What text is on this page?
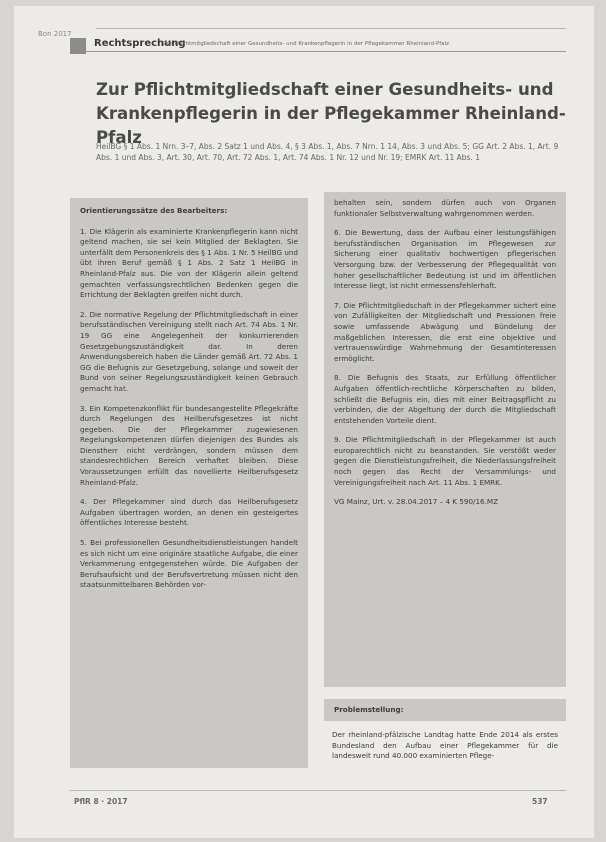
Bon 2017
Rechtsprechung
Zur Pflichtmitgliedschaft einer Gesundheits- und Krankenpflegerin in der Pflegekammer Rheinland-Pfalz
Zur Pflichtmitgliedschaft einer Gesundheits- und Krankenpflegerin in der Pflegekammer Rheinland-Pfalz
HeilBG § 1 Abs. 1 Nrn. 3–7, Abs. 2 Satz 1 und Abs. 4, § 3 Abs. 1, Abs. 7 Nrn. 1 14, Abs. 3 und Abs. 5; GG Art. 2 Abs. 1, Art. 9 Abs. 1 und Abs. 3, Art. 30, Art. 70, Art. 72 Abs. 1, Art. 74 Abs. 1 Nr. 12 und Nr. 19; EMRK Art. 11 Abs. 1
Orientierungssätze des Bearbeiters:

1. Die Klägerin als examinierte Krankenpflegerin kann nicht geltend machen, sie sei kein Mitglied der Beklagten. Sie unterfällt dem Personenkreis des § 1 Abs. 1 Nr. 5 HeilBG und übt ihren Beruf gemäß § 1 Abs. 2 Satz 1 HeilBG in Rheinland-Pfalz aus. Die von der Klägerin allein geltend gemachten verfassungsrechtlichen Bedenken gegen die Errichtung der Beklagten greifen nicht durch.

2. Die normative Regelung der Pflichtmitgliedschaft in einer berufsständischen Vereinigung stellt nach Art. 74 Abs. 1 Nr. 19 GG eine Angelegenheit der konkurrierenden Gesetzgebungszuständigkeit dar. In deren Anwendungsbereich haben die Länder gemäß Art. 72 Abs. 1 GG die Befugnis zur Gesetzgebung, solange und soweit der Bund von seiner Regelungszuständigkeit keinen Gebrauch gemacht hat.

3. Ein Kompetenzkonflikt für bundesangestellte Pflegekräfte durch Regelungen des Heilberufsgesetzes ist nicht gegeben. Die der Pflegekammer zugewiesenen Regelungskompetenzen dürfen diejenigen des Bundes als Dienstherr nicht verdrängen, sondern müssen dem standesrechtlichen Bereich verhaftet bleiben. Diese Voraussetzungen erfüllt das novellierte Heilberufsgesetz Rheinland-Pfalz.

4. Der Pflegekammer sind durch das Heilberufsgesetz Aufgaben übertragen worden, an denen ein gesteigertes öffentliches Interesse besteht.

5. Bei professionellen Gesundheitsdienstleistungen handelt es sich nicht um eine originäre staatliche Aufgabe, die einer Verkammerung entgegenstehen würde. Die Aufgaben der Berufsaufsicht und der Berufsvertretung müssen nicht den staatsunmittelbaren Behörden vor-

behalten sein, sondern dürfen auch von Organen funktionaler Selbstverwaltung wahrgenommen werden.

6. Die Bewertung, dass der Aufbau einer leistungsfähigen berufsständischen Organisation im Pflegewesen zur Sicherung einer qualitativ hochwertigen pflegerischen Versorgung bzw. der Verbesserung der Pflegequalität von hoher gesellschaftlicher Bedeutung ist und im öffentlichen Interesse liegt, ist nicht ermessensfehlerhaft.

7. Die Pflichtmitgliedschaft in der Pflegekammer sichert eine von Zufälligkeiten der Mitgliedschaft und Pressionen freie sowie umfassende Abwägung und Bündelung der maßgeblichen Interessen, die erst eine objektive und vertrauenswürdige Wahrnehmung der Gesamtinteressen ermöglicht.

8. Die Befugnis des Staats, zur Erfüllung öffentlicher Aufgaben öffentlich-rechtliche Körperschaften zu bilden, schließt die Befugnis ein, dies mit einer Beitragspflicht zu verbinden, die der Abgeltung der durch die Mitgliedschaft entstehenden Vorteile dient.

9. Die Pflichtmitgliedschaft in der Pflegekammer ist auch europarechtlich nicht zu beanstanden. Sie verstößt weder gegen die Dienstleistungsfreiheit, die Niederlassungsfreiheit noch gegen das Recht der Versammlungs- und Vereinigungsfreiheit nach Art. 11 Abs. 1 EMRK.

VG Mainz, Urt. v. 28.04.2017 – 4 K 590/16.MZ

Problemstellung:
Der rheinland-pfälzische Landtag hatte Ende 2014 als erstes Bundesland den Aufbau einer Pflegekammer für die landesweit rund 40.000 examinierten Pflege-
PflR 8 · 2017	537
